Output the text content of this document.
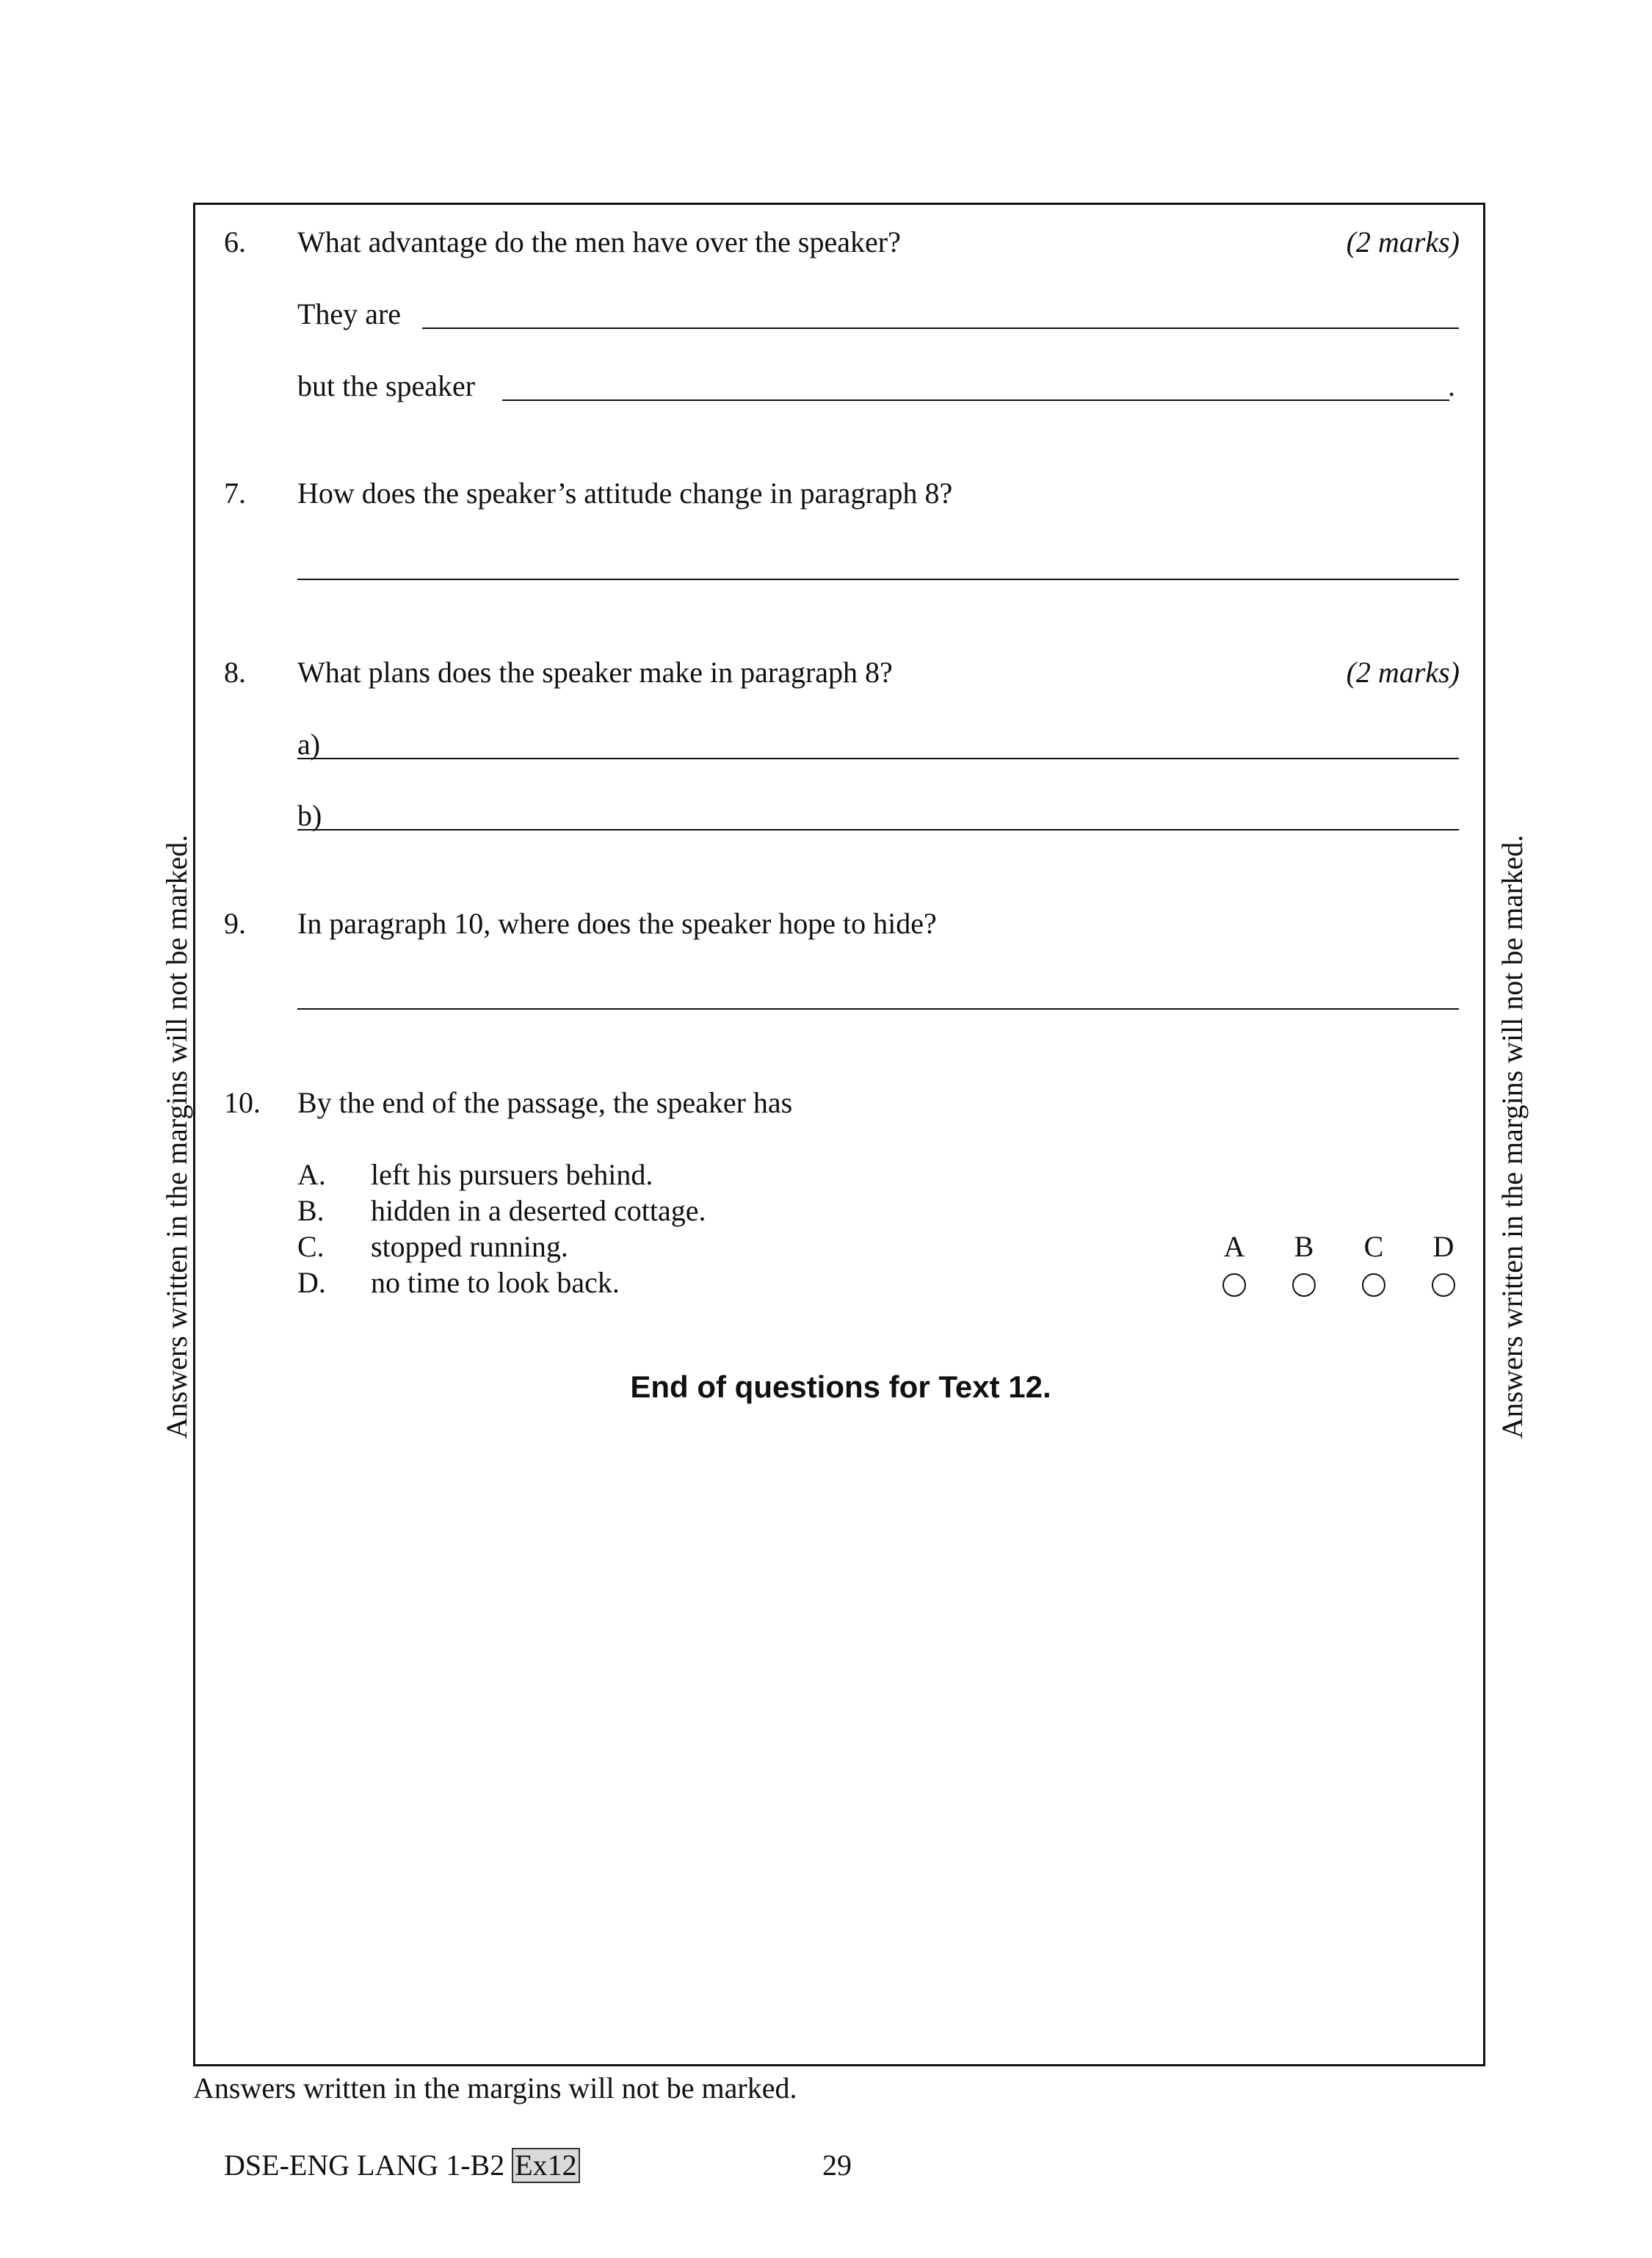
Answers written in the margins will not be marked.	Answers written in the margins will not be marked.
6. What advantage do the men have over the speaker?	(2 marks)
They are
but the speaker	.
7. How does the speaker’s attitude change in paragraph 8?
8. What plans does the speaker make in paragraph 8?	(2 marks)
a)
b)
9. In paragraph 10, where does the speaker hope to hide?
10. By the end of the passage, the speaker has
A. left his pursuers behind.
B. hidden in a deserted cottage.
C. stopped running.
D. no time to look back.
A B C D
End of questions for Text 12.
Answers written in the margins will not be marked.
DSE-ENG LANG 1-B2 Ex12	29
